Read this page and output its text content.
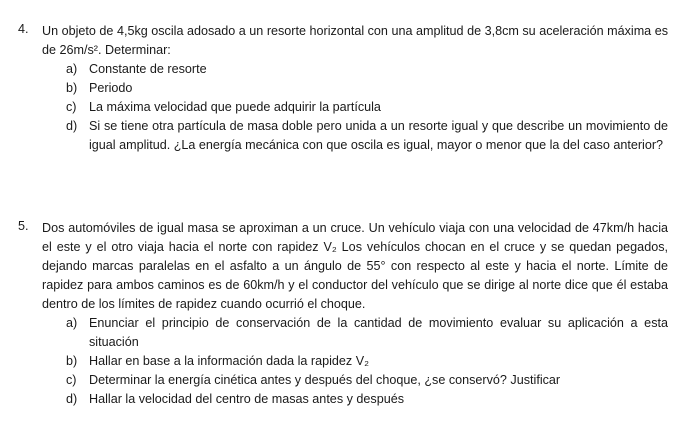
4. Un objeto de 4,5kg oscila adosado a un resorte horizontal con una amplitud de 3,8cm su aceleración máxima es de 26m/s². Determinar:
a) Constante de resorte
b) Periodo
c) La máxima velocidad que puede adquirir la partícula
d) Si se tiene otra partícula de masa doble pero unida a un resorte igual y que describe un movimiento de igual amplitud. ¿La energía mecánica con que oscila es igual, mayor o menor que la del caso anterior?
5. Dos automóviles de igual masa se aproximan a un cruce. Un vehículo viaja con una velocidad de 47km/h hacia el este y el otro viaja hacia el norte con rapidez V₂ Los vehículos chocan en el cruce y se quedan pegados, dejando marcas paralelas en el asfalto a un ángulo de 55° con respecto al este y hacia el norte. Límite de rapidez para ambos caminos es de 60km/h y el conductor del vehículo que se dirige al norte dice que él estaba dentro de los límites de rapidez cuando ocurrió el choque.
a) Enunciar el principio de conservación de la cantidad de movimiento evaluar su aplicación a esta situación
b) Hallar en base a la información dada la rapidez V₂
c) Determinar la energía cinética antes y después del choque, ¿se conservó? Justificar
d) Hallar la velocidad del centro de masas antes y después
